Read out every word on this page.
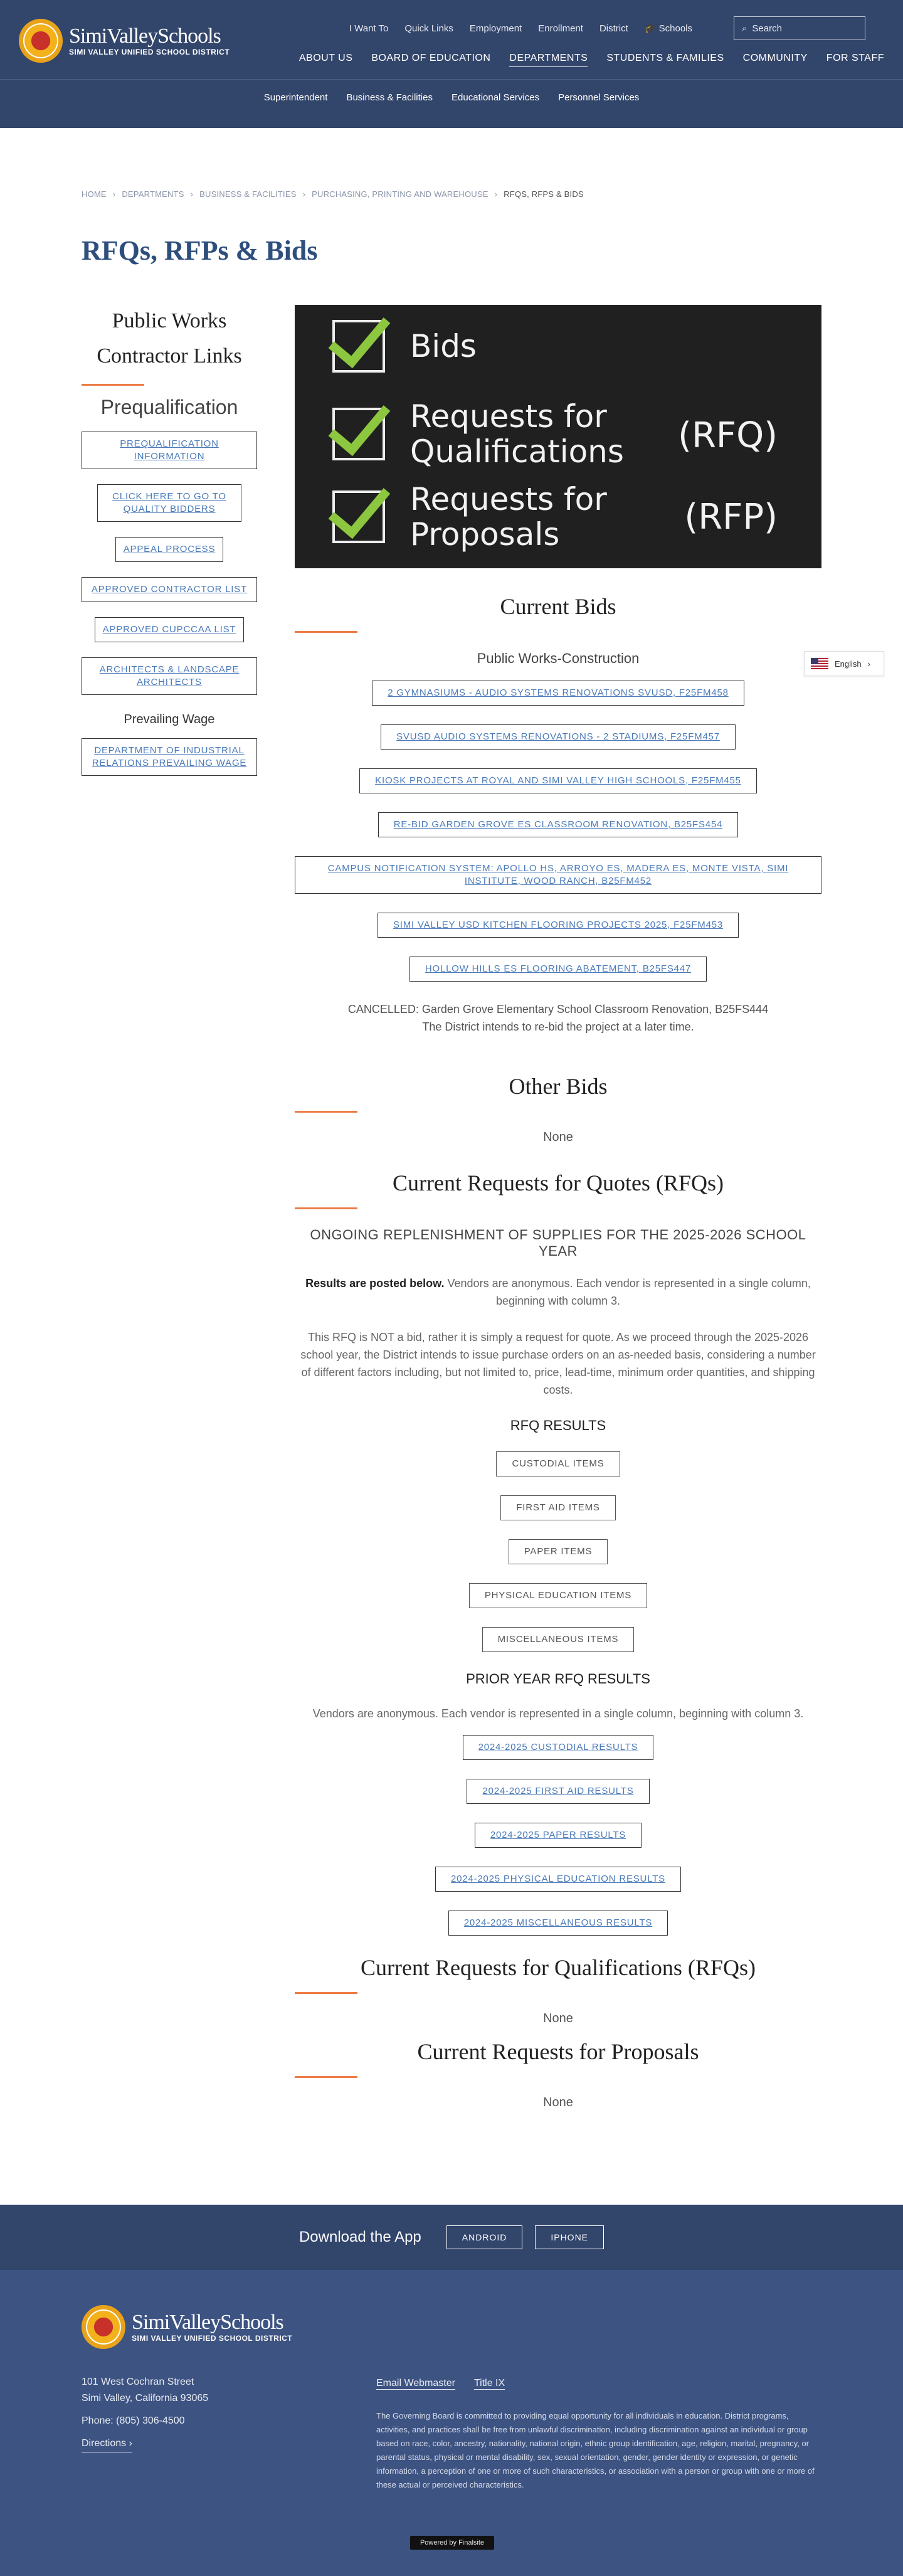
SimiValleySchools
SIMI VALLEY UNIFIED SCHOOL DISTRICT
I Want To Quick Links Employment Enrollment District 🎓 Schools	⌕ Search
ABOUT US BOARD OF EDUCATION DEPARTMENTS STUDENTS & FAMILIES COMMUNITY FOR STAFF
Superintendent Business & Facilities Educational Services Personnel Services
HOME › DEPARTMENTS › BUSINESS & FACILITIES › PURCHASING, PRINTING AND WAREHOUSE › RFQS, RFPS & BIDS
RFQs, RFPs & Bids
Public Works Contractor Links
Prequalification
PREQUALIFICATION INFORMATION CLICK HERE TO GO TO QUALITY BIDDERS APPEAL PROCESS APPROVED CONTRACTOR LIST APPROVED CUPCCAA LIST ARCHITECTS & LANDSCAPE ARCHITECTS
Prevailing Wage
DEPARTMENT OF INDUSTRIAL RELATIONS PREVAILING WAGE
Bids
Requests for
Qualifications (RFQ)
Requests for
Proposals	(RFP)
Current Bids
Public Works-Construction
2 GYMNASIUMS - AUDIO SYSTEMS RENOVATIONS SVUSD, F25FM458
SVUSD AUDIO SYSTEMS RENOVATIONS - 2 STADIUMS, F25FM457
KIOSK PROJECTS AT ROYAL AND SIMI VALLEY HIGH SCHOOLS, F25FM455
RE-BID GARDEN GROVE ES CLASSROOM RENOVATION, B25FS454
CAMPUS NOTIFICATION SYSTEM: APOLLO HS, ARROYO ES, MADERA ES, MONTE VISTA, SIMI INSTITUTE, WOOD RANCH, B25FM452
SIMI VALLEY USD KITCHEN FLOORING PROJECTS 2025, F25FM453
HOLLOW HILLS ES FLOORING ABATEMENT, B25FS447
CANCELLED: Garden Grove Elementary School Classroom Renovation, B25FS444
The District intends to re-bid the project at a later time.
Other Bids
None
Current Requests for Quotes (RFQs)
ONGOING REPLENISHMENT OF SUPPLIES FOR THE 2025-2026 SCHOOL YEAR
Results are posted below. Vendors are anonymous. Each vendor is represented in a single column, beginning with column 3.
This RFQ is NOT a bid, rather it is simply a request for quote. As we proceed through the 2025-2026 school year, the District intends to issue purchase orders on an as-needed basis, considering a number of different factors including, but not limited to, price, lead-time, minimum order quantities, and shipping costs.
RFQ RESULTS
CUSTODIAL ITEMS
FIRST AID ITEMS
PAPER ITEMS
PHYSICAL EDUCATION ITEMS
MISCELLANEOUS ITEMS
PRIOR YEAR RFQ RESULTS
Vendors are anonymous. Each vendor is represented in a single column, beginning with column 3.
2024-2025 CUSTODIAL RESULTS
2024-2025 FIRST AID RESULTS
2024-2025 PAPER RESULTS
2024-2025 PHYSICAL EDUCATION RESULTS
2024-2025 MISCELLANEOUS RESULTS
Current Requests for Qualifications (RFQs)
None
Current Requests for Proposals
None
English ›
Download the App	ANDROID	IPHONE
SimiValleySchools
SIMI VALLEY UNIFIED SCHOOL DISTRICT
101 West Cochran Street
Simi Valley, California 93065
Phone: (805) 306-4500
Directions ›
Email Webmaster Title IX
The Governing Board is committed to providing equal opportunity for all individuals in education. District programs, activities, and practices shall be free from unlawful discrimination, including discrimination against an individual or group based on race, color, ancestry, nationality, national origin, ethnic group identification, age, religion, marital, pregnancy, or parental status, physical or mental disability, sex, sexual orientation, gender, gender identity or expression, or genetic information, a perception of one or more of such characteristics, or association with a person or group with one or more of these actual or perceived characteristics.
Powered by Finalsite
